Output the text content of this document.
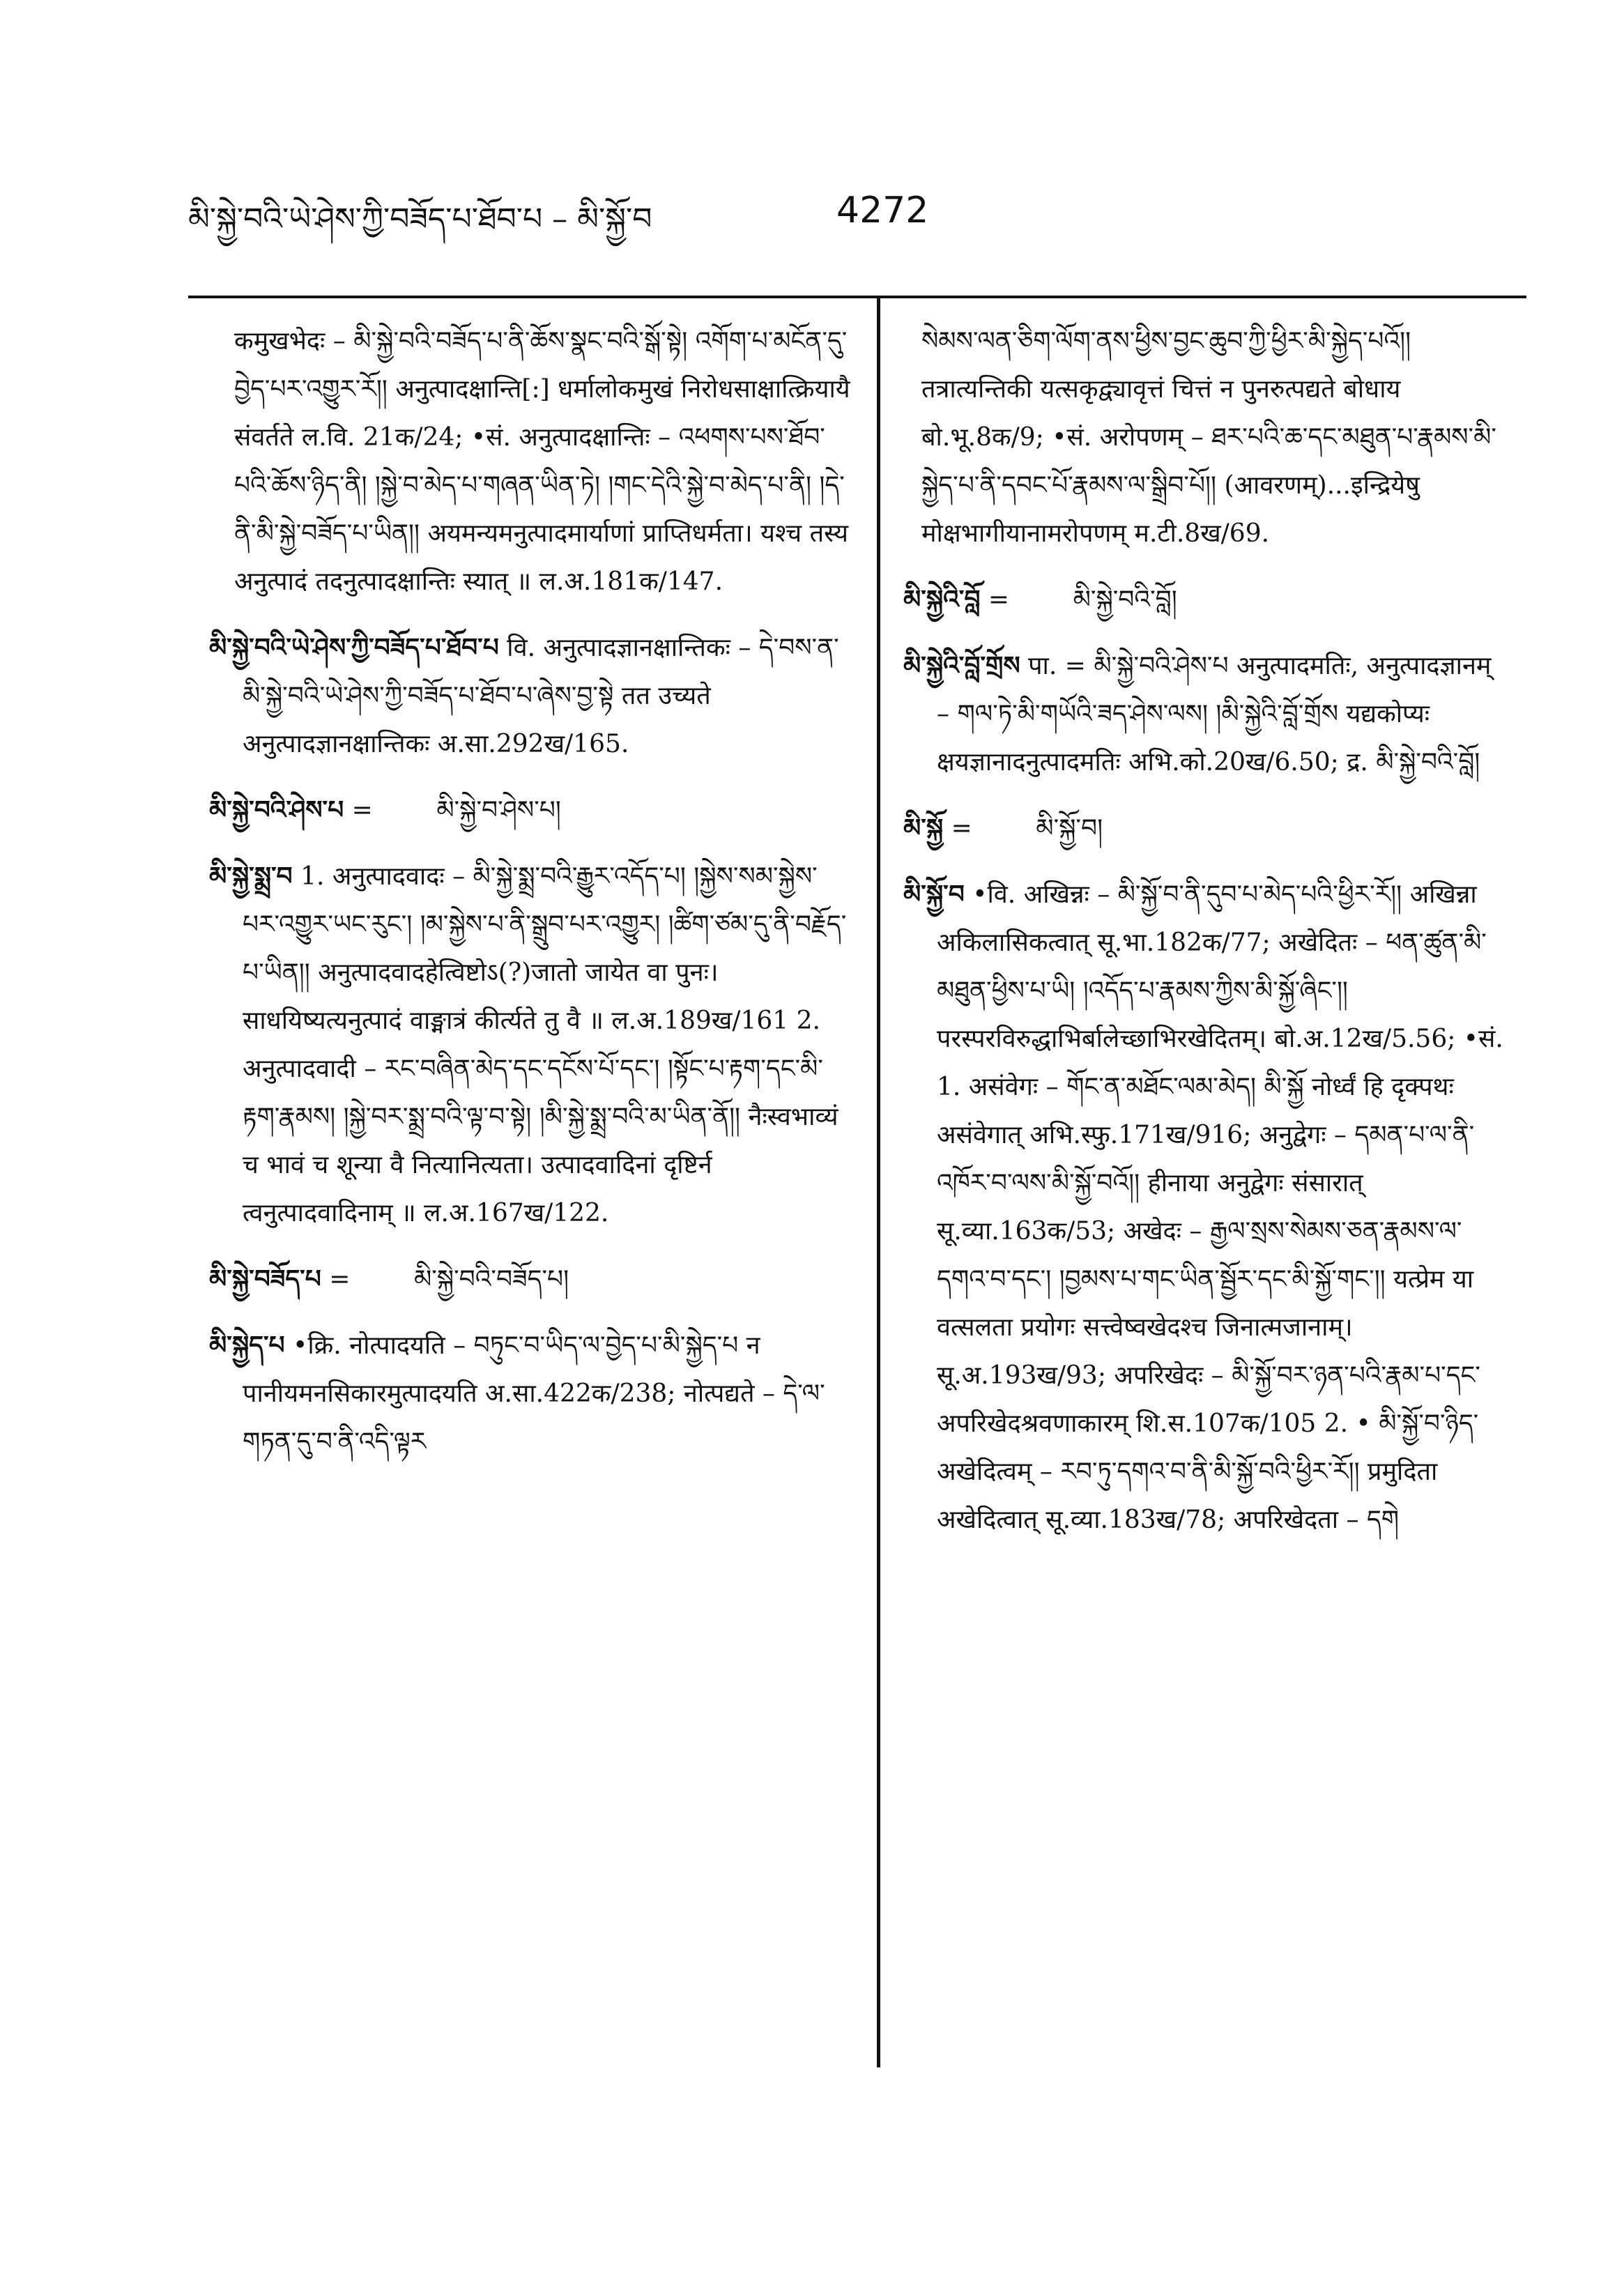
མི་སྐྱེ་བའི་ཡེ་ཤེས་ཀྱི་བཟོད་པ་ཐོབ་པ – མི་སྐྱོ་བ	4272

कमुखभेदः – མི་སྐྱེ་བའི་བཟོད་པ་ནི་ཆོས་སྣང་བའི་སྒོ་སྟེ། འགོག་པ་མངོན་དུ་བྱེད་པར་འགྱུར་རོ།། अनुत्पादक्षान्ति[:] धर्मालोकमुखं निरोधसाक्षात्क्रियायै संवर्तते ल.वि. 21क/24; •सं. अनुत्पादक्षान्तिः – འཕགས་པས་ཐོབ་པའི་ཆོས་ཉིད་ནི། །སྐྱེ་བ་མེད་པ་གཞན་ཡིན་ཏེ། །གང་དེའི་སྐྱེ་བ་མེད་པ་ནི། །དེ་ནི་མི་སྐྱེ་བཟོད་པ་ཡིན།། अयमन्यमनुत्पादमार्याणां प्राप्तिधर्मता। यश्च तस्य अनुत्पादं तदनुत्पादक्षान्तिः स्यात् ॥ ल.अ.181क/147.

མི་སྐྱེ་བའི་ཡེ་ཤེས་ཀྱི་བཟོད་པ་ཐོབ་པ वि. अनुत्पादज्ञानक्षान्तिकः – དེ་བས་ན་མི་སྐྱེ་བའི་ཡེ་ཤེས་ཀྱི་བཟོད་པ་ཐོབ་པ་ཞེས་བྱ་སྟེ तत उच्यते अनुत्पादज्ञानक्षान्तिकः अ.सा.292ख/165.

མི་སྐྱེ་བའི་ཤེས་པ =        མི་སྐྱེ་བ་ཤེས་པ།

མི་སྐྱེ་སྨྲ་བ 1. अनुत्पादवादः – མི་སྐྱེ་སྨྲ་བའི་རྒྱུར་འདོད་པ། །སྐྱེས་སམ་སྐྱེས་པར་འགྱུར་ཡང་རུང་། །མ་སྐྱེས་པ་ནི་སྒྲུབ་པར་འགྱུར། །ཚིག་ཙམ་དུ་ནི་བརྗོད་པ་ཡིན།། अनुत्पादवादहेत्विष्टोऽ(?)जातो जायेत वा पुनः। साधयिष्यत्यनुत्पादं वाङ्मात्रं कीर्त्यते तु वै ॥ ल.अ.189ख/161 2. अनुत्पादवादी – རང་བཞིན་མེད་དང་དངོས་པོ་དང་། །སྟོང་པ་རྟག་དང་མི་རྟག་རྣམས། །སྐྱེ་བར་སྨྲ་བའི་ལྟ་བ་སྟེ། །མི་སྐྱེ་སྨྲ་བའི་མ་ཡིན་ནོ།། नैःस्वभाव्यं च भावं च शून्या वै नित्यानित्यता। उत्पादवादिनां दृष्टिर्न त्वनुत्पादवादिनाम् ॥ ल.अ.167ख/122.

མི་སྐྱེ་བཟོད་པ =        མི་སྐྱེ་བའི་བཟོད་པ།

མི་སྐྱེད་པ •क्रि. नोत्पादयति – བཏུང་བ་ཡིད་ལ་བྱེད་པ་མི་སྐྱེད་པ न पानीयमनसिकारमुत्पादयति अ.सा.422क/238; नोत्पद्यते – དེ་ལ་གཏན་དུ་བ་ནི་འདི་ལྟར

སེམས་ལན་ཅིག་ལོག་ནས་ཕྱིས་བྱང་ཆུབ་ཀྱི་ཕྱིར་མི་སྐྱེད་པའོ།། तत्रात्यन्तिकी यत्सकृद्व्यावृत्तं चित्तं न पुनरुत्पद्यते बोधाय बो.भू.8क/9; •सं. अरोपणम् – ཐར་པའི་ཆ་དང་མཐུན་པ་རྣམས་མི་སྐྱེད་པ་ནི་དབང་པོ་རྣམས་ལ་སྒྲིབ་པོ།། (आवरणम्)...इन्द्रियेषु मोक्षभागीयानामरोपणम् म.टी.8ख/69.

མི་སྐྱེའི་བློ =        མི་སྐྱེ་བའི་བློ།

མི་སྐྱེའི་བློ་གྲོས पा. = མི་སྐྱེ་བའི་ཤེས་པ अनुत्पादमतिः, अनुत्पादज्ञानम् – གལ་ཏེ་མི་གཡོའི་ཟད་ཤེས་ལས། །མི་སྐྱེའི་བློ་གྲོས यद्यकोप्यः क्षयज्ञानादनुत्पादमतिः अभि.को.20ख/6.50; द्र. མི་སྐྱེ་བའི་བློ།

མི་སྐྱོ =        མི་སྐྱོ་བ།

མི་སྐྱོ་བ •वि. अखिन्नः – མི་སྐྱོ་བ་ནི་དུབ་པ་མེད་པའི་ཕྱིར་རོ།། अखिन्ना अकिलासिकत्वात् सू.भा.182क/77; अखेदितः – ཕན་ཚུན་མི་མཐུན་ཕྱིས་པ་ཡི། །འདོད་པ་རྣམས་ཀྱིས་མི་སྐྱོ་ཞིང་།། परस्परविरुद्धाभिर्बालेच्छाभिरखेदितम्। बो.अ.12ख/5.56; •सं. 1. असंवेगः – གོང་ན་མཐོང་ལམ་མེད། མི་སྐྱོ नोर्ध्वं हि दृक्पथः असंवेगात् अभि.स्फु.171ख/916; अनुद्वेगः – དམན་པ་ལ་ནི་འཁོར་བ་ལས་མི་སྐྱོ་བའོ།། हीनाया अनुद्वेगः संसारात् सू.व्या.163क/53; अखेदः – རྒྱལ་སྲས་སེམས་ཅན་རྣམས་ལ་དགའ་བ་དང་། །བྱམས་པ་གང་ཡིན་སྦྱོར་དང་མི་སྐྱོ་གང་།། यत्प्रेम या वत्सलता प्रयोगः सत्त्वेष्वखेदश्च जिनात्मजानाम्। सू.अ.193ख/93; अपरिखेदः – མི་སྐྱོ་བར་ཉན་པའི་རྣམ་པ་དང་ अपरिखेदश्रवणाकारम् शि.स.107क/105 2. • མི་སྐྱོ་བ་ཉིད་ अखेदित्वम् – རབ་ཏུ་དགའ་བ་ནི་མི་སྐྱོ་བའི་ཕྱིར་རོ།། प्रमुदिता अखेदित्वात् सू.व्या.183ख/78; अपरिखेदता – དགེ
